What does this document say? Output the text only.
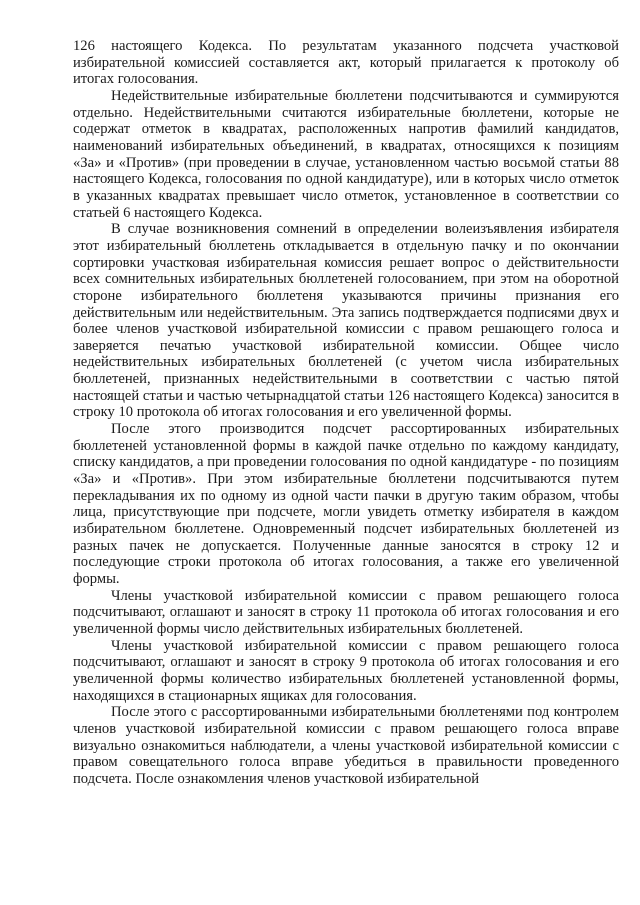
126 настоящего Кодекса. По результатам указанного подсчета участковой избирательной комиссией составляется акт, который прилагается к протоколу об итогах голосования.

Недействительные избирательные бюллетени подсчитываются и суммируются отдельно. Недействительными считаются избирательные бюллетени, которые не содержат отметок в квадратах, расположенных напротив фамилий кандидатов, наименований избирательных объединений, в квадратах, относящихся к позициям «За» и «Против» (при проведении в случае, установленном частью восьмой статьи 88 настоящего Кодекса, голосования по одной кандидатуре), или в которых число отметок в указанных квадратах превышает число отметок, установленное в соответствии со статьей 6 настоящего Кодекса.

В случае возникновения сомнений в определении волеизъявления избирателя этот избирательный бюллетень откладывается в отдельную пачку и по окончании сортировки участковая избирательная комиссия решает вопрос о действительности всех сомнительных избирательных бюллетеней голосованием, при этом на оборотной стороне избирательного бюллетеня указываются причины признания его действительным или недействительным. Эта запись подтверждается подписями двух и более членов участковой избирательной комиссии с правом решающего голоса и заверяется печатью участковой избирательной комиссии. Общее число недействительных избирательных бюллетеней (с учетом числа избирательных бюллетеней, признанных недействительными в соответствии с частью пятой настоящей статьи и частью четырнадцатой статьи 126 настоящего Кодекса) заносится в строку 10 протокола об итогах голосования и его увеличенной формы.

После этого производится подсчет рассортированных избирательных бюллетеней установленной формы в каждой пачке отдельно по каждому кандидату, списку кандидатов, а при проведении голосования по одной кандидатуре - по позициям «За» и «Против». При этом избирательные бюллетени подсчитываются путем перекладывания их по одному из одной части пачки в другую таким образом, чтобы лица, присутствующие при подсчете, могли увидеть отметку избирателя в каждом избирательном бюллетене. Одновременный подсчет избирательных бюллетеней из разных пачек не допускается. Полученные данные заносятся в строку 12 и последующие строки протокола об итогах голосования, а также его увеличенной формы.

Члены участковой избирательной комиссии с правом решающего голоса подсчитывают, оглашают и заносят в строку 11 протокола об итогах голосования и его увеличенной формы число действительных избирательных бюллетеней.

Члены участковой избирательной комиссии с правом решающего голоса подсчитывают, оглашают и заносят в строку 9 протокола об итогах голосования и его увеличенной формы количество избирательных бюллетеней установленной формы, находящихся в стационарных ящиках для голосования.

После этого с рассортированными избирательными бюллетенями под контролем членов участковой избирательной комиссии с правом решающего голоса вправе визуально ознакомиться наблюдатели, а члены участковой избирательной комиссии с правом совещательного голоса вправе убедиться в правильности проведенного подсчета. После ознакомления членов участковой избирательной
